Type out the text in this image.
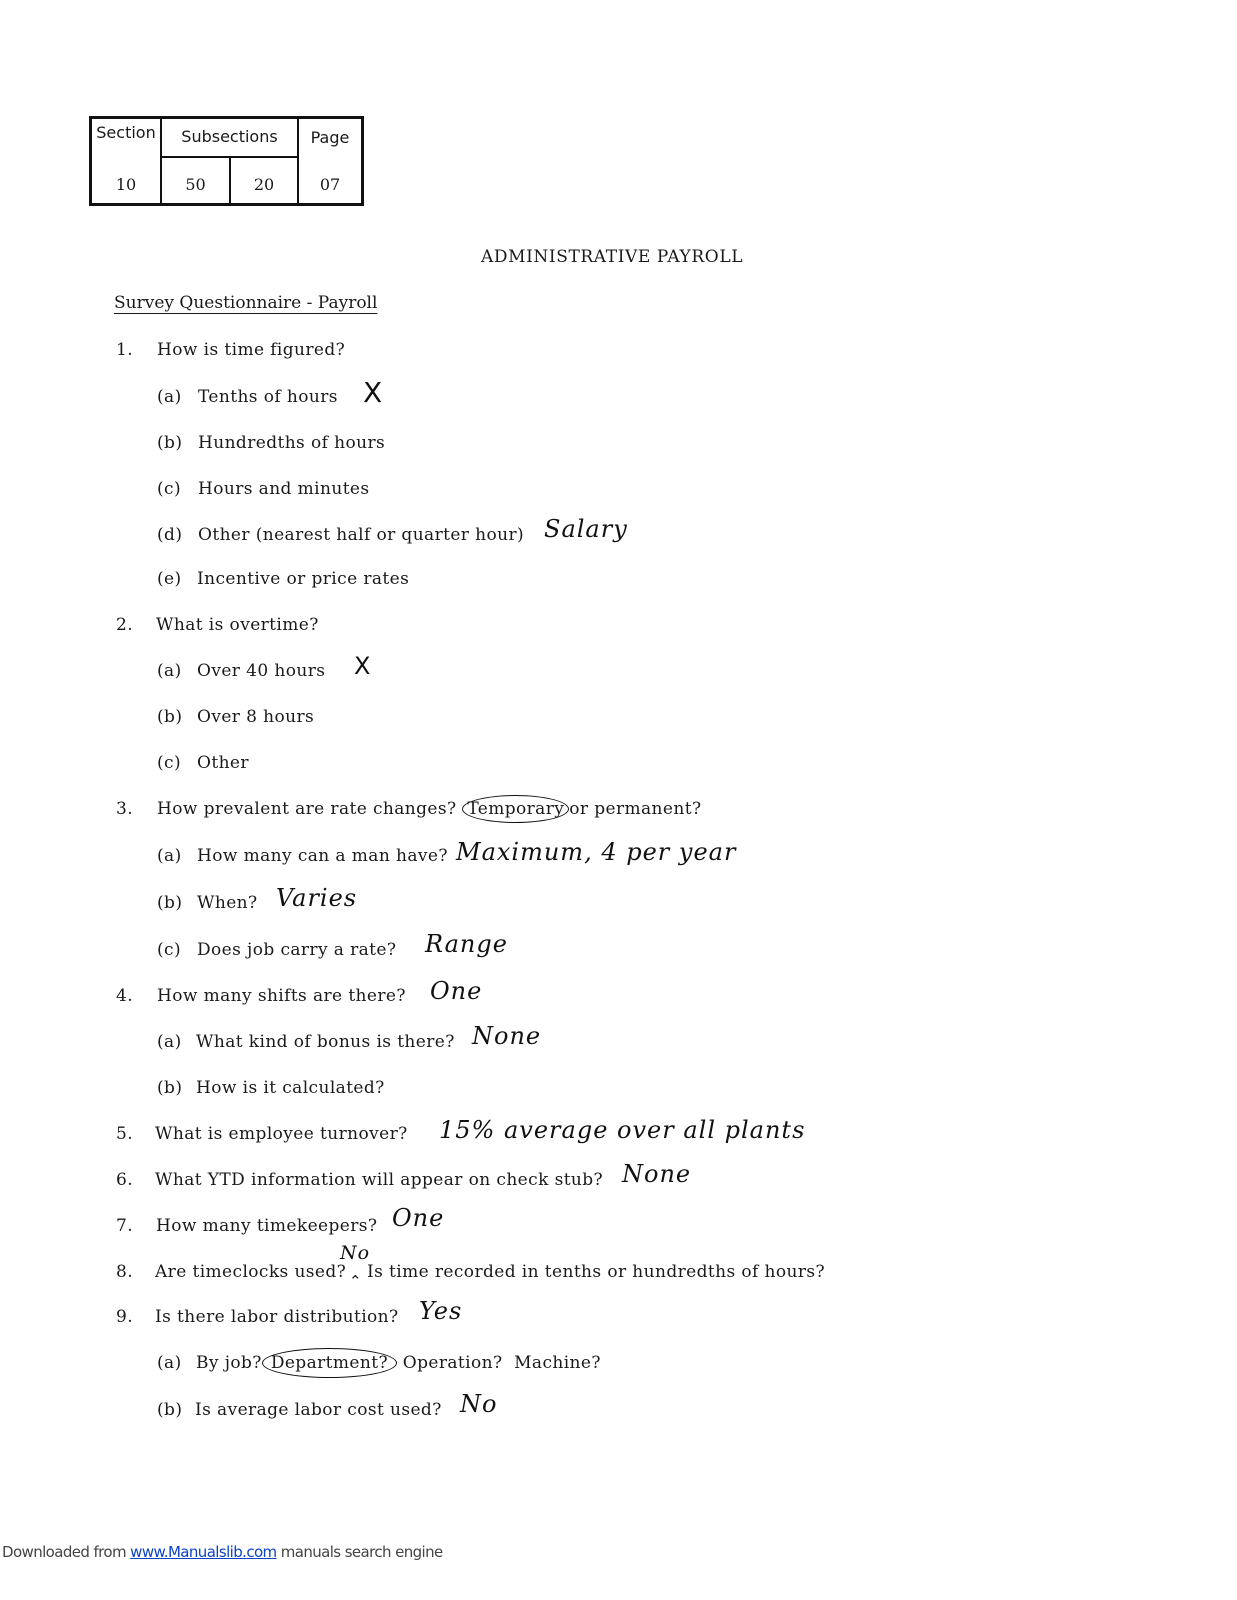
Section	Subsections	Page
10	50	20	07
ADMINISTRATIVE PAYROLL
Survey Questionnaire - Payroll
1. How is time figured?
(a) Tenths of hours X
(b) Hundredths of hours
(c) Hours and minutes
(d) Other (nearest half or quarter hour) Salary
(e) Incentive or price rates
2. What is overtime?
(a) Over 40 hours X
(b) Over 8 hours
(c) Other
3. How prevalent are rate changes? Temporary or permanent?
(a) How many can a man have? Maximum, 4 per year
(b) When? Varies
(c) Does job carry a rate? Range
4. How many shifts are there? One
(a) What kind of bonus is there? None
(b) How is it calculated?
5. What is employee turnover? 15% average over all plants
6. What YTD information will appear on check stub? None
7. How many timekeepers? One
8. Are timeclocks used?
No
⌃ Is time recorded in tenths or hundredths of hours?
9. Is there labor distribution? Yes
(a) By job? Department? Operation? Machine?
(b) Is average labor cost used? No
Downloaded from www.Manualslib.com manuals search engine
